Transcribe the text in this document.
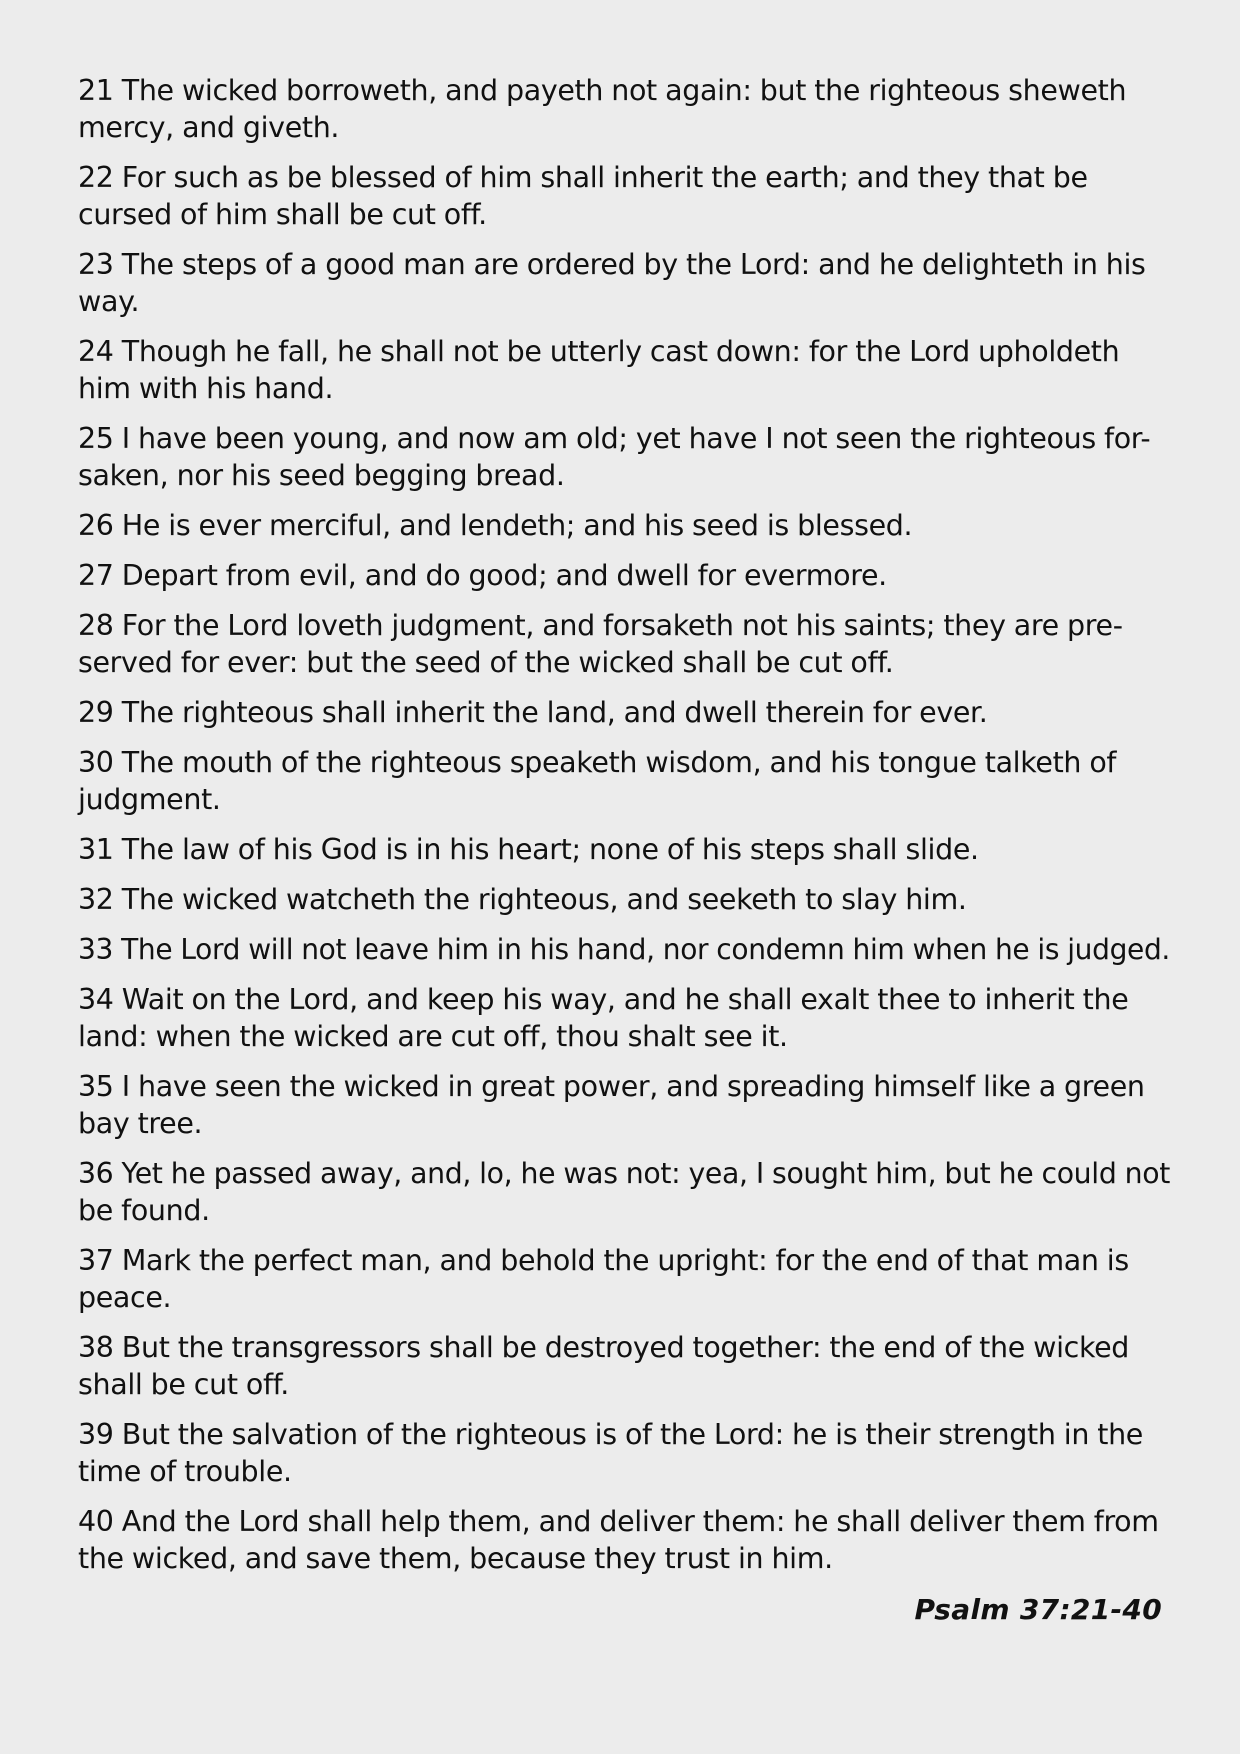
21 The wicked borroweth, and payeth not again: but the righteous sheweth
mercy, and giveth.

22 For such as be blessed of him shall inherit the earth; and they that be
cursed of him shall be cut off.

23 The steps of a good man are ordered by the Lord: and he delighteth in his
way.

24 Though he fall, he shall not be utterly cast down: for the Lord upholdeth
him with his hand.

25 I have been young, and now am old; yet have I not seen the righteous for-
saken, nor his seed begging bread.

26 He is ever merciful, and lendeth; and his seed is blessed.

27 Depart from evil, and do good; and dwell for evermore.

28 For the Lord loveth judgment, and forsaketh not his saints; they are pre-
served for ever: but the seed of the wicked shall be cut off.

29 The righteous shall inherit the land, and dwell therein for ever.

30 The mouth of the righteous speaketh wisdom, and his tongue talketh of
judgment.

31 The law of his God is in his heart; none of his steps shall slide.

32 The wicked watcheth the righteous, and seeketh to slay him.

33 The Lord will not leave him in his hand, nor condemn him when he is judged.

34 Wait on the Lord, and keep his way, and he shall exalt thee to inherit the
land: when the wicked are cut off, thou shalt see it.

35 I have seen the wicked in great power, and spreading himself like a green
bay tree.

36 Yet he passed away, and, lo, he was not: yea, I sought him, but he could not
be found.

37 Mark the perfect man, and behold the upright: for the end of that man is
peace.

38 But the transgressors shall be destroyed together: the end of the wicked
shall be cut off.

39 But the salvation of the righteous is of the Lord: he is their strength in the
time of trouble.

40 And the Lord shall help them, and deliver them: he shall deliver them from
the wicked, and save them, because they trust in him.

Psalm 37:21-40
